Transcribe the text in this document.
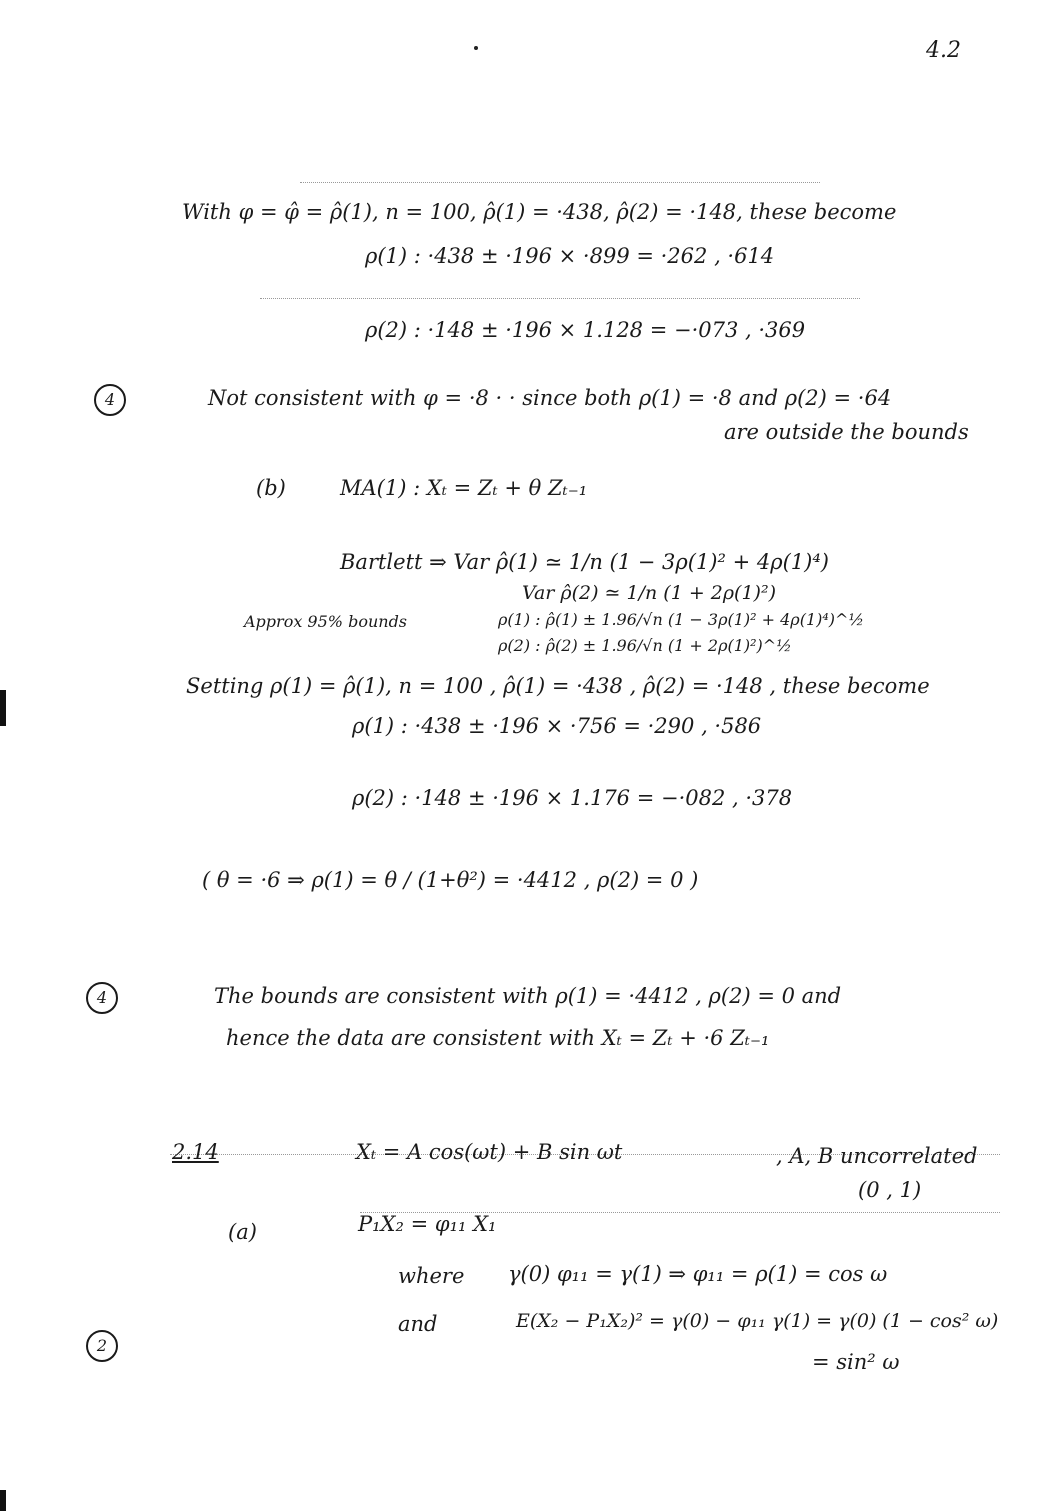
4.2
With φ = φ̂ = ρ̂(1), n = 100, ρ̂(1) = ·438, ρ̂(2) = ·148, these become
ρ(1) : ·438 ± ·196 × ·899 = ·262 , ·614
ρ(2) : ·148 ± ·196 × 1.128 = −·073 , ·369
4	Not consistent with φ = ·8 · · since both ρ(1) = ·8 and ρ(2) = ·64
are outside the bounds
(b)	MA(1) : Xₜ = Zₜ + θ Zₜ₋₁
Bartlett ⇒ Var ρ̂(1) ≃ 1/n (1 − 3ρ(1)² + 4ρ(1)⁴)
Var ρ̂(2) ≃ 1/n (1 + 2ρ(1)²)
Approx 95% bounds	ρ(1) : ρ̂(1) ± 1.96/√n (1 − 3ρ(1)² + 4ρ(1)⁴)^½
ρ(2) : ρ̂(2) ± 1.96/√n (1 + 2ρ(1)²)^½
Setting ρ(1) = ρ̂(1), n = 100 , ρ̂(1) = ·438 , ρ̂(2) = ·148 , these become
ρ(1) : ·438 ± ·196 × ·756 = ·290 , ·586
ρ(2) : ·148 ± ·196 × 1.176 = −·082 , ·378
( θ = ·6 ⇒ ρ(1) = θ / (1+θ²) = ·4412 , ρ(2) = 0 )
4	The bounds are consistent with ρ(1) = ·4412 , ρ(2) = 0 and
hence the data are consistent with Xₜ = Zₜ + ·6 Zₜ₋₁
2.14	Xₜ = A cos(ωt) + B sin ωt	, A, B uncorrelated
(0 , 1)
(a)	P₁X₂ = φ₁₁ X₁
where γ(0) φ₁₁ = γ(1) ⇒ φ₁₁ = ρ(1) = cos ω
2
and	E(X₂ − P₁X₂)² = γ(0) − φ₁₁ γ(1) = γ(0) (1 − cos² ω)
= sin² ω
